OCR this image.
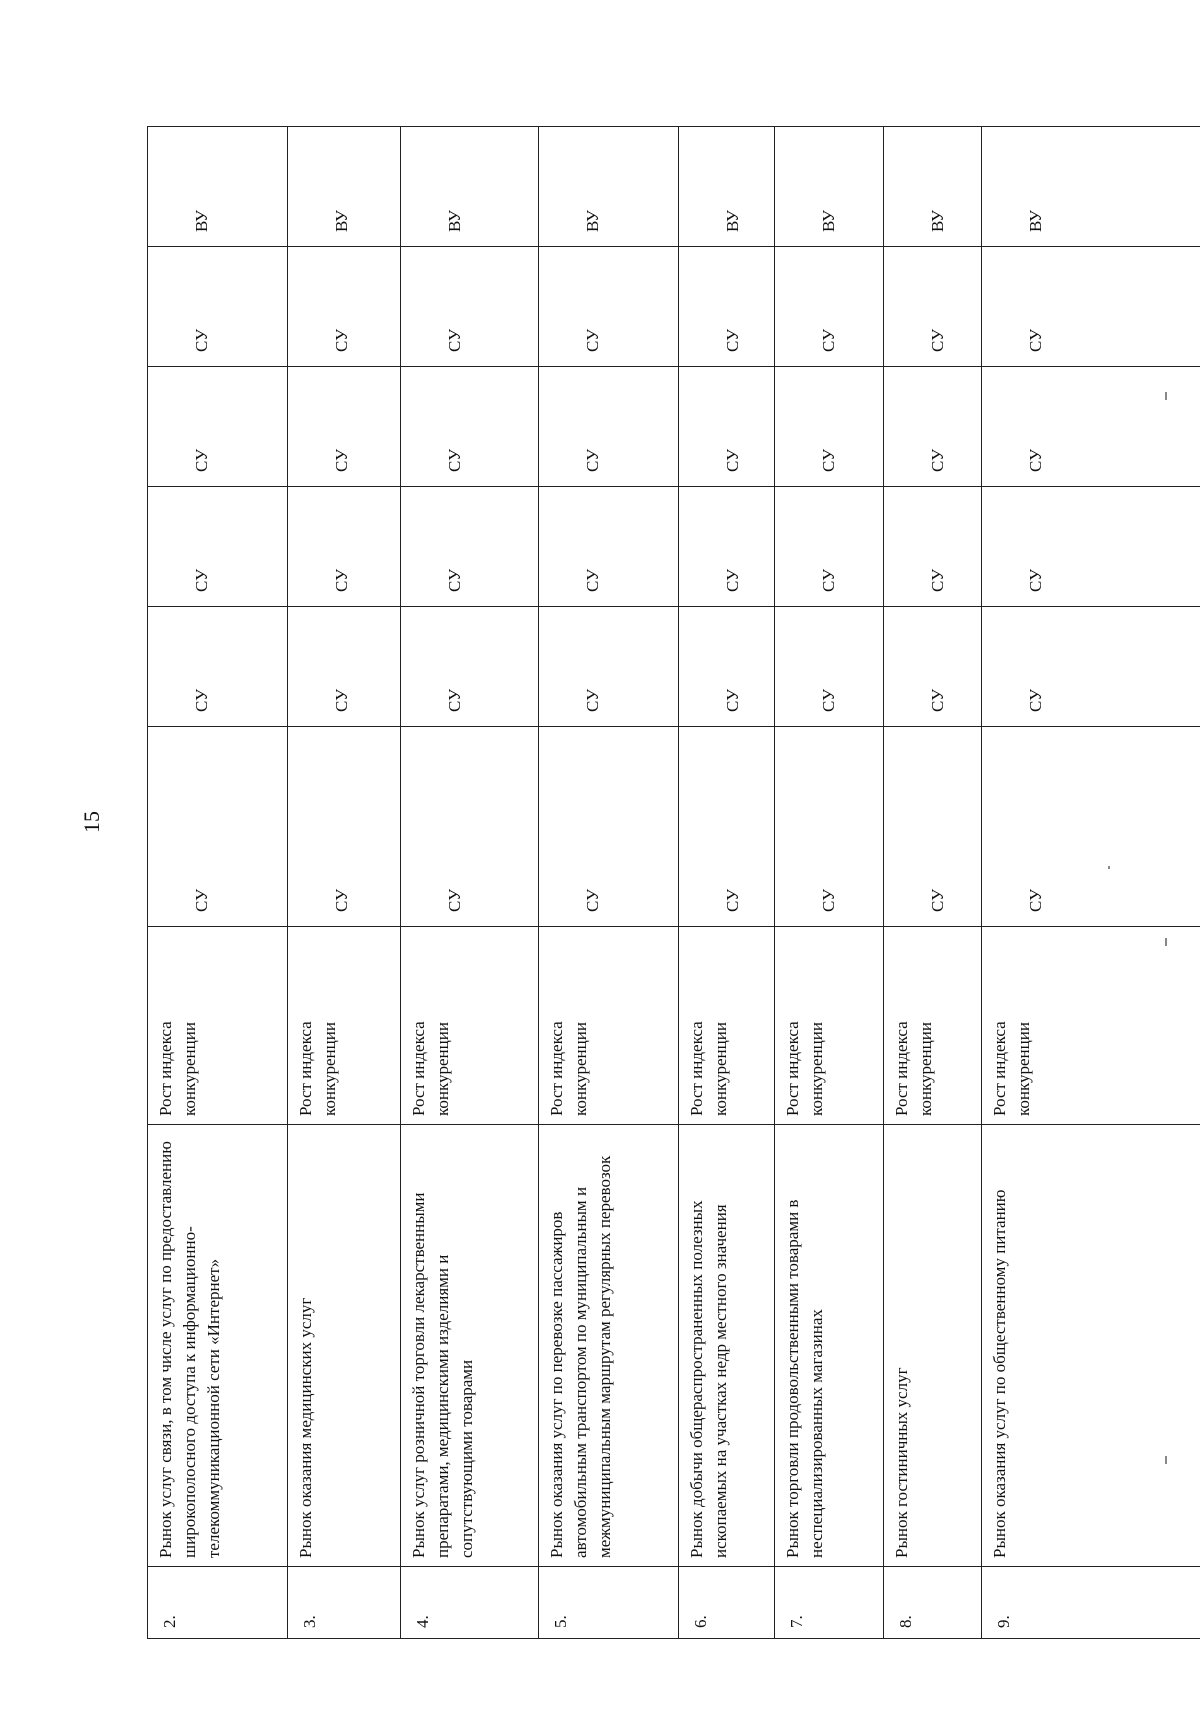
15
2.	Рынок услуг связи, в том числе услуг по предоставлению широкополосного доступа к информационно-телекоммуникационной сети «Интернет»	Рост индекса конкуренции	СУ	СУ	СУ	СУ	СУ	ВУ
3.	Рынок оказания медицинских услуг	Рост индекса конкуренции	СУ	СУ	СУ	СУ	СУ	ВУ
4.	Рынок услуг розничной торговли лекарственными препаратами, медицинскими изделиями и сопутствующими товарами	Рост индекса конкуренции	СУ	СУ	СУ	СУ	СУ	ВУ
5.	Рынок оказания услуг по перевозке пассажиров автомобильным транспортом по муниципальным и межмуниципальным маршрутам регулярных перевозок	Рост индекса конкуренции	СУ	СУ	СУ	СУ	СУ	ВУ
6.	Рынок добычи общераспространенных полезных ископаемых на участках недр местного значения	Рост индекса конкуренции	СУ	СУ	СУ	СУ	СУ	ВУ
7.	Рынок торговли продовольственными товарами в неспециализированных магазинах	Рост индекса конкуренции	СУ	СУ	СУ	СУ	СУ	ВУ
8.	Рынок гостиничных услуг	Рост индекса конкуренции	СУ	СУ	СУ	СУ	СУ	ВУ
9.	Рынок оказания услуг по общественному питанию	Рост индекса конкуренции	СУ	СУ	СУ	СУ	СУ	ВУ
